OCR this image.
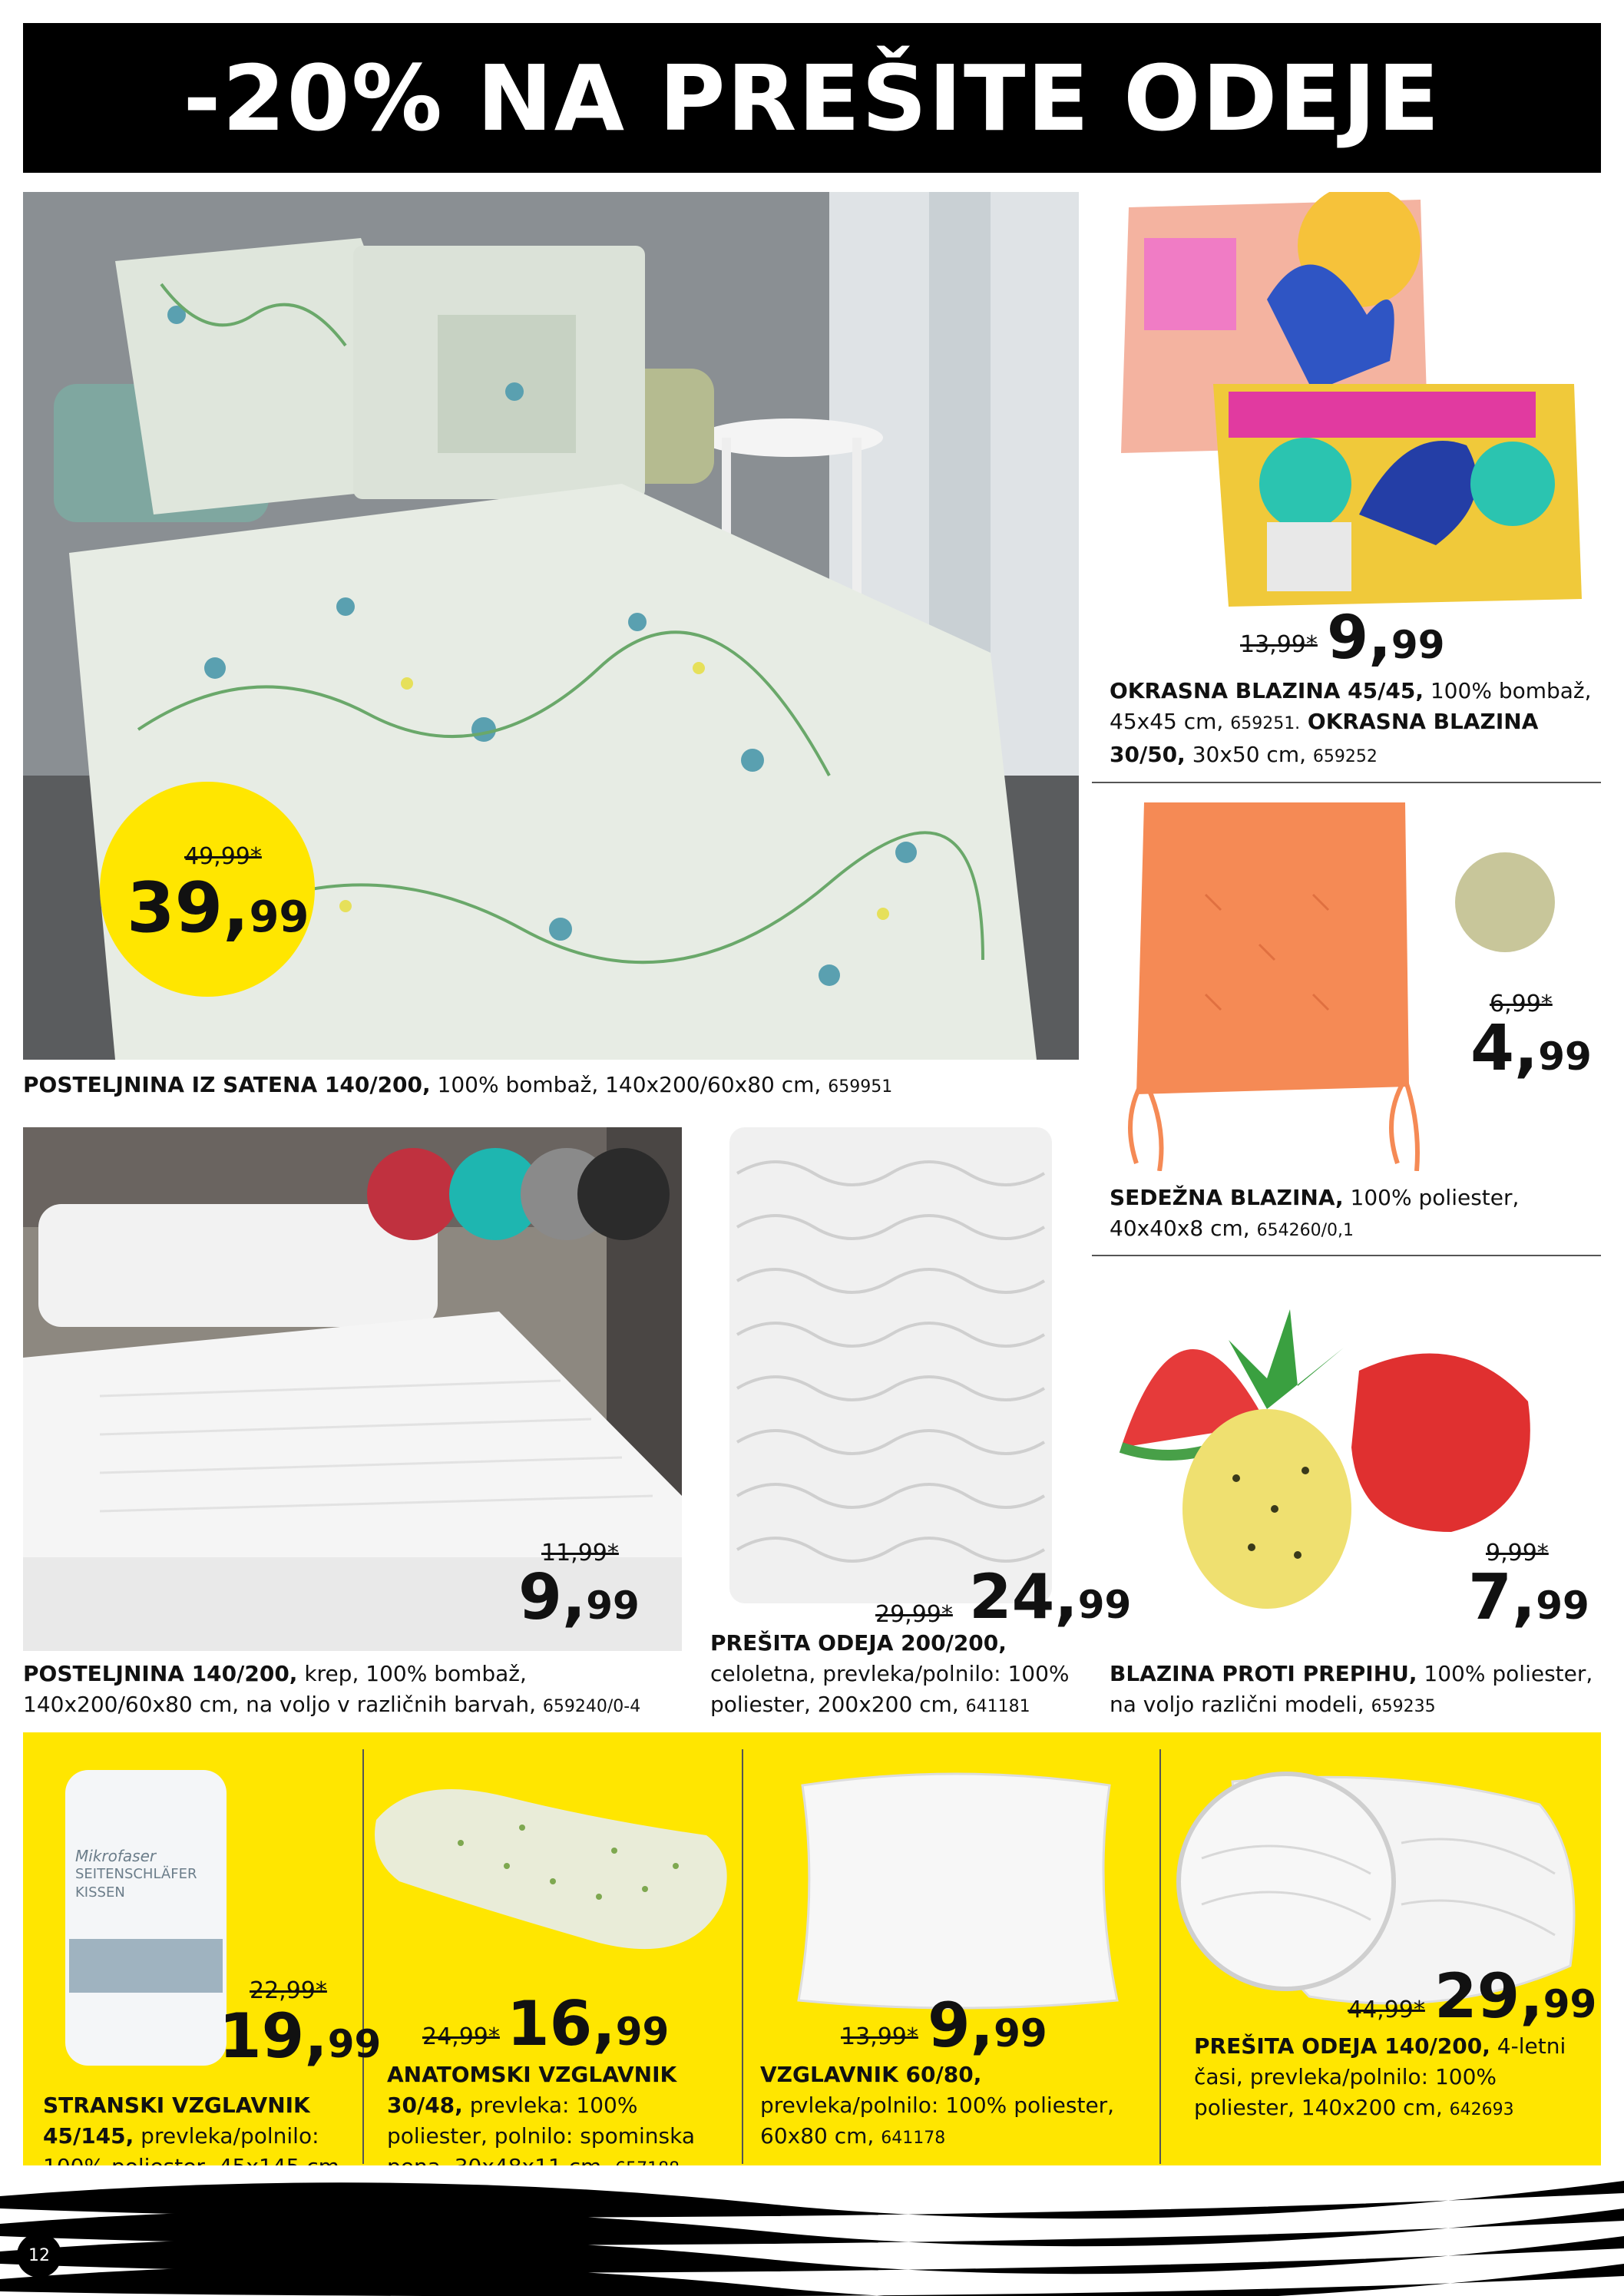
-20% NA PREŠITE ODEJE
49,99*
39,99
POSTELJNINA IZ SATENA 140/200, 100% bombaž, 140x200/60x80 cm, 659951
13,99* 9,99
OKRASNA BLAZINA 45/45, 100% bombaž, 45x45 cm, 659251. OKRASNA BLAZINA 30/50, 30x50 cm, 659252
6,99*
4,99
SEDEŽNA BLAZINA, 100% poliester, 40x40x8 cm, 654260/0,1
11,99*
9,99
POSTELJNINA 140/200, krep, 100% bombaž, 140x200/60x80 cm, na voljo v različnih barvah, 659240/0-4
29,99* 24,99
PREŠITA ODEJA 200/200, celoletna, prevleka/polnilo: 100% poliester, 200x200 cm, 641181
9,99*
7,99
BLAZINA PROTI PREPIHU, 100% poliester, na voljo različni modeli, 659235
Mikrofaser
SEITENSCHLÄFER
KISSEN
22,99*
19,99
STRANSKI VZGLAVNIK 45/145, prevleka/polnilo:
24,99* 16,99
ANATOMSKI VZGLAVNIK 30/48, prevleka: 100% poliester, polnilo: spominska
13,99* 9,99
VZGLAVNIK 60/80, prevleka/polnilo: 100% poliester, 60x80 cm, 641178
44,99* 29,99
PREŠITA ODEJA 140/200, 4-letni časi, prevleka/polnilo: 100% poliester, 140x200 cm, 642693
12
